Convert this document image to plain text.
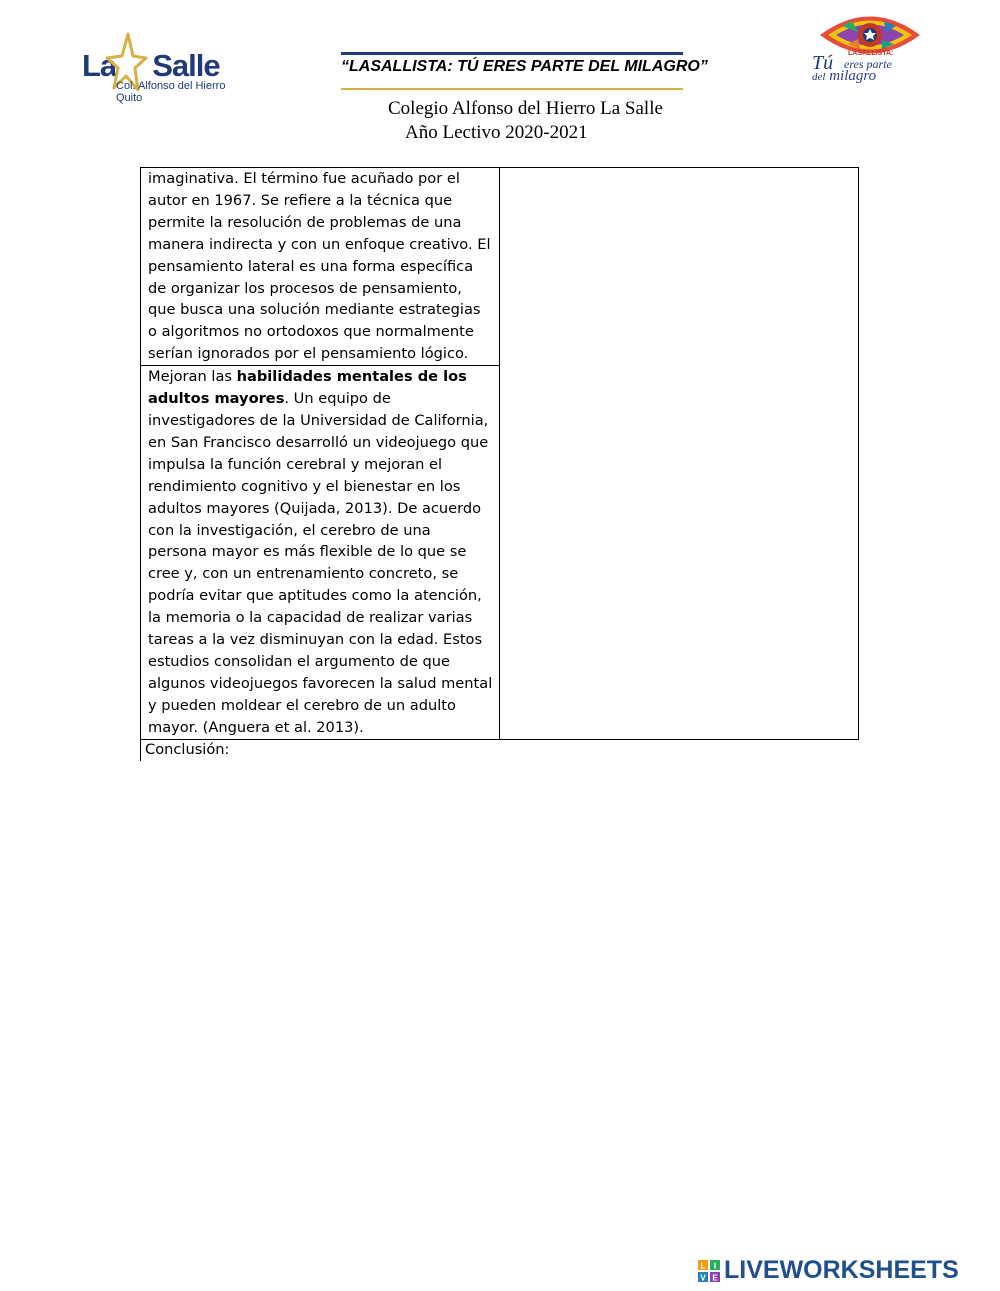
La Salle
Col. Alfonso del Hierro
Quito
“LASALLISTA: TÚ ERES PARTE DEL MILAGRO”
Colegio Alfonso del Hierro La Salle
Año Lectivo 2020-2021
LASALLISTA:
Tú eres parte
del milagro
imaginativa. El término fue acuñado por el autor en 1967. Se refiere a la técnica que permite la resolución de problemas de una manera indirecta y con un enfoque creativo. El pensamiento lateral es una forma específica de organizar los procesos de pensamiento, que busca una solución mediante estrategias o algoritmos no ortodoxos que normalmente serían ignorados por el pensamiento lógico.	
Mejoran las habilidades mentales de los adultos mayores. Un equipo de investigadores de la Universidad de California, en San Francisco desarrolló un videojuego que impulsa la función cerebral y mejoran el rendimiento cognitivo y el bienestar en los adultos mayores (Quijada, 2013). De acuerdo con la investigación, el cerebro de una persona mayor es más flexible de lo que se cree y, con un entrenamiento concreto, se podría evitar que aptitudes como la atención, la memoria o la capacidad de realizar varias tareas a la vez disminuyan con la edad. Estos estudios consolidan el argumento de que algunos videojuegos favorecen la salud mental y pueden moldear el cerebro de un adulto mayor. (Anguera et al. 2013).
Conclusión:
L I
V E LIVEWORKSHEETS
